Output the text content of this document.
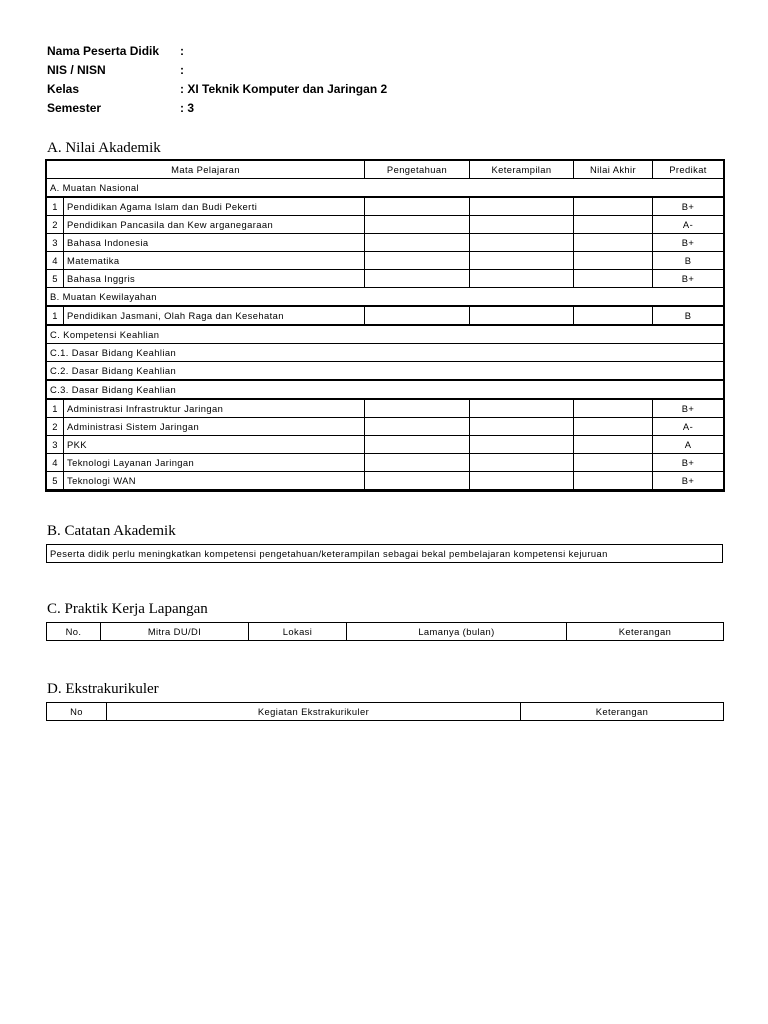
Nama Peserta Didik	:
NIS / NISN	:
Kelas	: XI Teknik Komputer dan Jaringan 2
Semester	: 3
A. Nilai Akademik
Mata Pelajaran		Pengetahuan	Keterampilan	Nilai Akhir	Predikat
A. Muatan Nasional					
1	Pendidikan Agama Islam dan Budi Pekerti				B+
2	Pendidikan Pancasila dan Kew arganegaraan				A-
3	Bahasa Indonesia				B+
4	Matematika				B
5	Bahasa Inggris				B+
B. Muatan Kewilayahan					
1	Pendidikan Jasmani, Olah Raga dan Kesehatan				B
C. Kompetensi Keahlian					
C.1. Dasar Bidang Keahlian					
C.2. Dasar Bidang Keahlian					
C.3. Dasar Bidang Keahlian					
1	Administrasi Infrastruktur Jaringan				B+
2	Administrasi Sistem Jaringan				A-
3	PKK				A
4	Teknologi Layanan Jaringan				B+
5	Teknologi WAN				B+
B. Catatan Akademik
Peserta didik perlu meningkatkan kompetensi pengetahuan/keterampilan sebagai bekal pembelajaran kompetensi kejuruan
C. Praktik Kerja Lapangan
No.	Mitra DU/DI	Lokasi	Lamanya (bulan)	Keterangan
D. Ekstrakurikuler
No	Kegiatan Ekstrakurikuler	Keterangan
